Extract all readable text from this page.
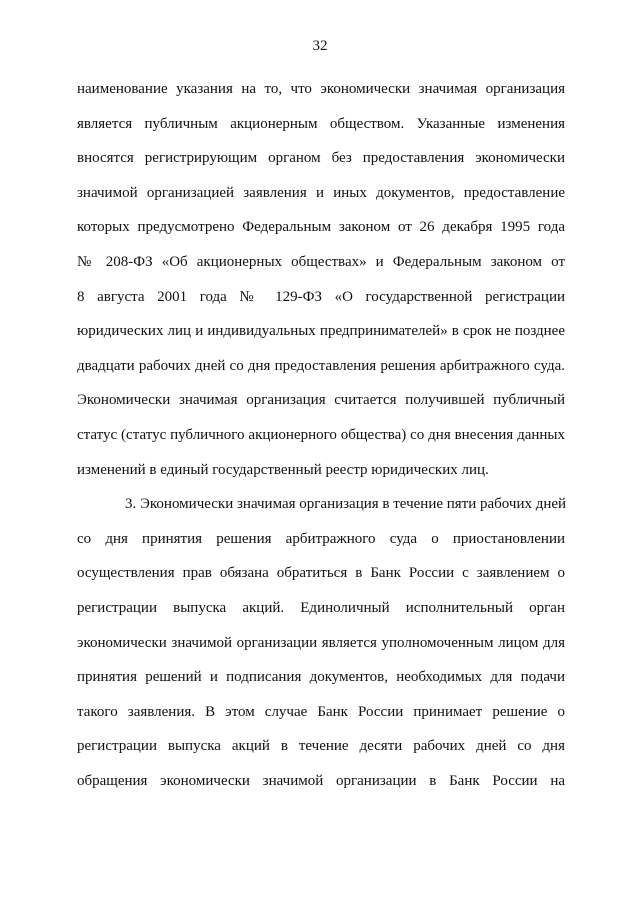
32
наименование указания на то, что экономически значимая организация
является публичным акционерным обществом. Указанные изменения
вносятся регистрирующим органом без предоставления экономически
значимой организацией заявления и иных документов, предоставление
которых предусмотрено Федеральным законом от 26 декабря 1995 года
№ 208-ФЗ «Об акционерных обществах» и Федеральным законом от
8 августа 2001 года № 129-ФЗ «О государственной регистрации
юридических лиц и индивидуальных предпринимателей» в срок не позднее
двадцати рабочих дней со дня предоставления решения арбитражного суда.
Экономически значимая организация считается получившей публичный
статус (статус публичного акционерного общества) со дня внесения данных
изменений в единый государственный реестр юридических лиц.
3. Экономически значимая организация в течение пяти рабочих дней
со дня принятия решения арбитражного суда о приостановлении
осуществления прав обязана обратиться в Банк России с заявлением о
регистрации выпуска акций. Единоличный исполнительный орган
экономически значимой организации является уполномоченным лицом для
принятия решений и подписания документов, необходимых для подачи
такого заявления. В этом случае Банк России принимает решение о
регистрации выпуска акций в течение десяти рабочих дней со дня
обращения экономически значимой организации в Банк России на
